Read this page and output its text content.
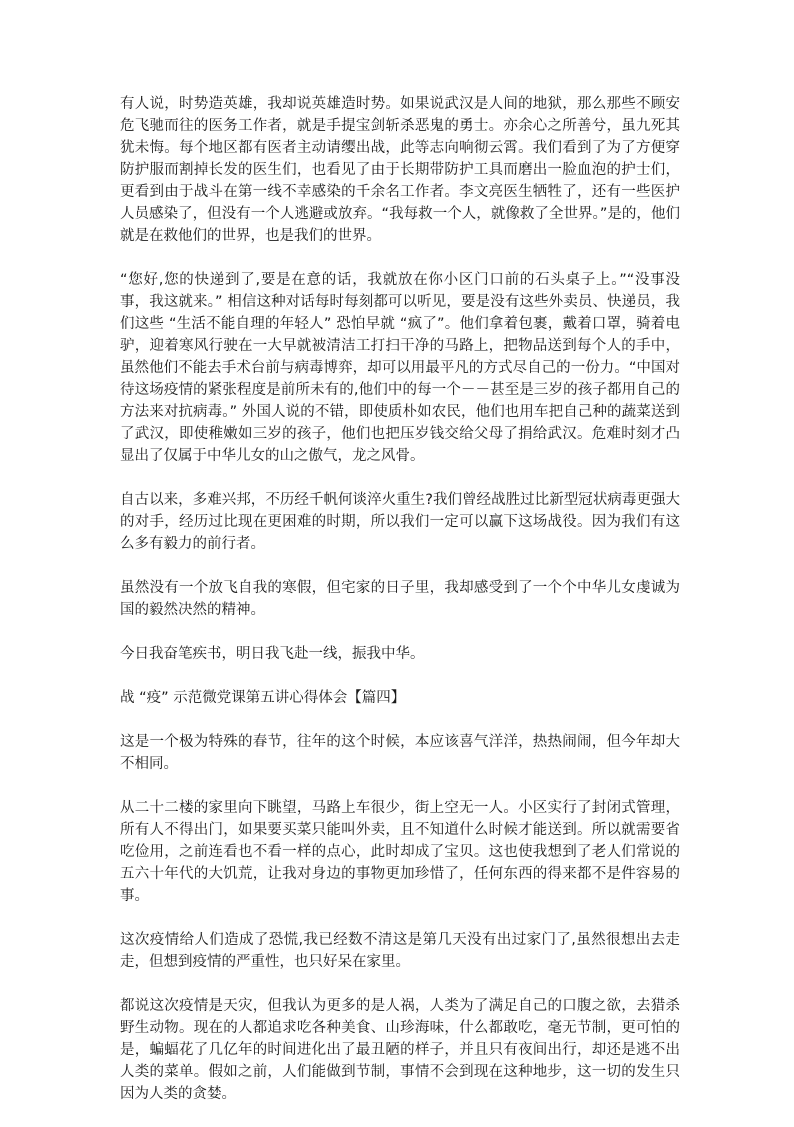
有人说，时势造英雄，我却说英雄造时势。如果说武汉是人间的地狱，那么那些不顾安危飞驰而往的医务工作者，就是手提宝剑斩杀恶鬼的勇士。亦余心之所善兮，虽九死其犹未悔。每个地区都有医者主动请缨出战，此等志向响彻云霄。我们看到了为了方便穿防护服而割掉长发的医生们，也看见了由于长期带防护工具而磨出一脸血泡的护士们，更看到由于战斗在第一线不幸感染的千余名工作者。李文亮医生牺牲了，还有一些医护人员感染了，但没有一个人逃避或放弃。“我每救一个人，就像救了全世界。”是的，他们就是在救他们的世界，也是我们的世界。

“您好,您的快递到了,要是在意的话，我就放在你小区门口前的石头桌子上。”“没事没事，我这就来。” 相信这种对话每时每刻都可以听见，要是没有这些外卖员、快递员，我们这些 “生活不能自理的年轻人” 恐怕早就 “疯了”。他们拿着包裹，戴着口罩，骑着电驴，迎着寒风行驶在一大早就被清洁工打扫干净的马路上，把物品送到每个人的手中，虽然他们不能去手术台前与病毒博弈，却可以用最平凡的方式尽自己的一份力。“中国对待这场疫情的紧张程度是前所未有的,他们中的每一个－－甚至是三岁的孩子都用自己的方法来对抗病毒。” 外国人说的不错，即使质朴如农民，他们也用车把自己种的蔬菜送到了武汉，即使稚嫩如三岁的孩子，他们也把压岁钱交给父母了捐给武汉。危难时刻才凸显出了仅属于中华儿女的山之傲气，龙之风骨。

自古以来，多难兴邦，不历经千帆何谈淬火重生?我们曾经战胜过比新型冠状病毒更强大的对手，经历过比现在更困难的时期，所以我们一定可以赢下这场战役。因为我们有这么多有毅力的前行者。

虽然没有一个放飞自我的寒假，但宅家的日子里，我却感受到了一个个中华儿女虔诚为国的毅然决然的精神。

今日我奋笔疾书，明日我飞赴一线，振我中华。

战 “疫” 示范微党课第五讲心得体会【篇四】

这是一个极为特殊的春节，往年的这个时候，本应该喜气洋洋，热热闹闹，但今年却大不相同。

从二十二楼的家里向下眺望，马路上车很少，街上空无一人。小区实行了封闭式管理，所有人不得出门，如果要买菜只能叫外卖，且不知道什么时候才能送到。所以就需要省吃俭用，之前连看也不看一样的点心，此时却成了宝贝。这也使我想到了老人们常说的五六十年代的大饥荒，让我对身边的事物更加珍惜了，任何东西的得来都不是件容易的事。

这次疫情给人们造成了恐慌,我已经数不清这是第几天没有出过家门了,虽然很想出去走走，但想到疫情的严重性，也只好呆在家里。

都说这次疫情是天灾，但我认为更多的是人祸，人类为了满足自己的口腹之欲，去猎杀野生动物。现在的人都追求吃各种美食、山珍海味，什么都敢吃，毫无节制，更可怕的是，蝙蝠花了几亿年的时间进化出了最丑陋的样子，并且只有夜间出行，却还是逃不出人类的菜单。假如之前，人们能做到节制，事情不会到现在这种地步，这一切的发生只因为人类的贪婪。
